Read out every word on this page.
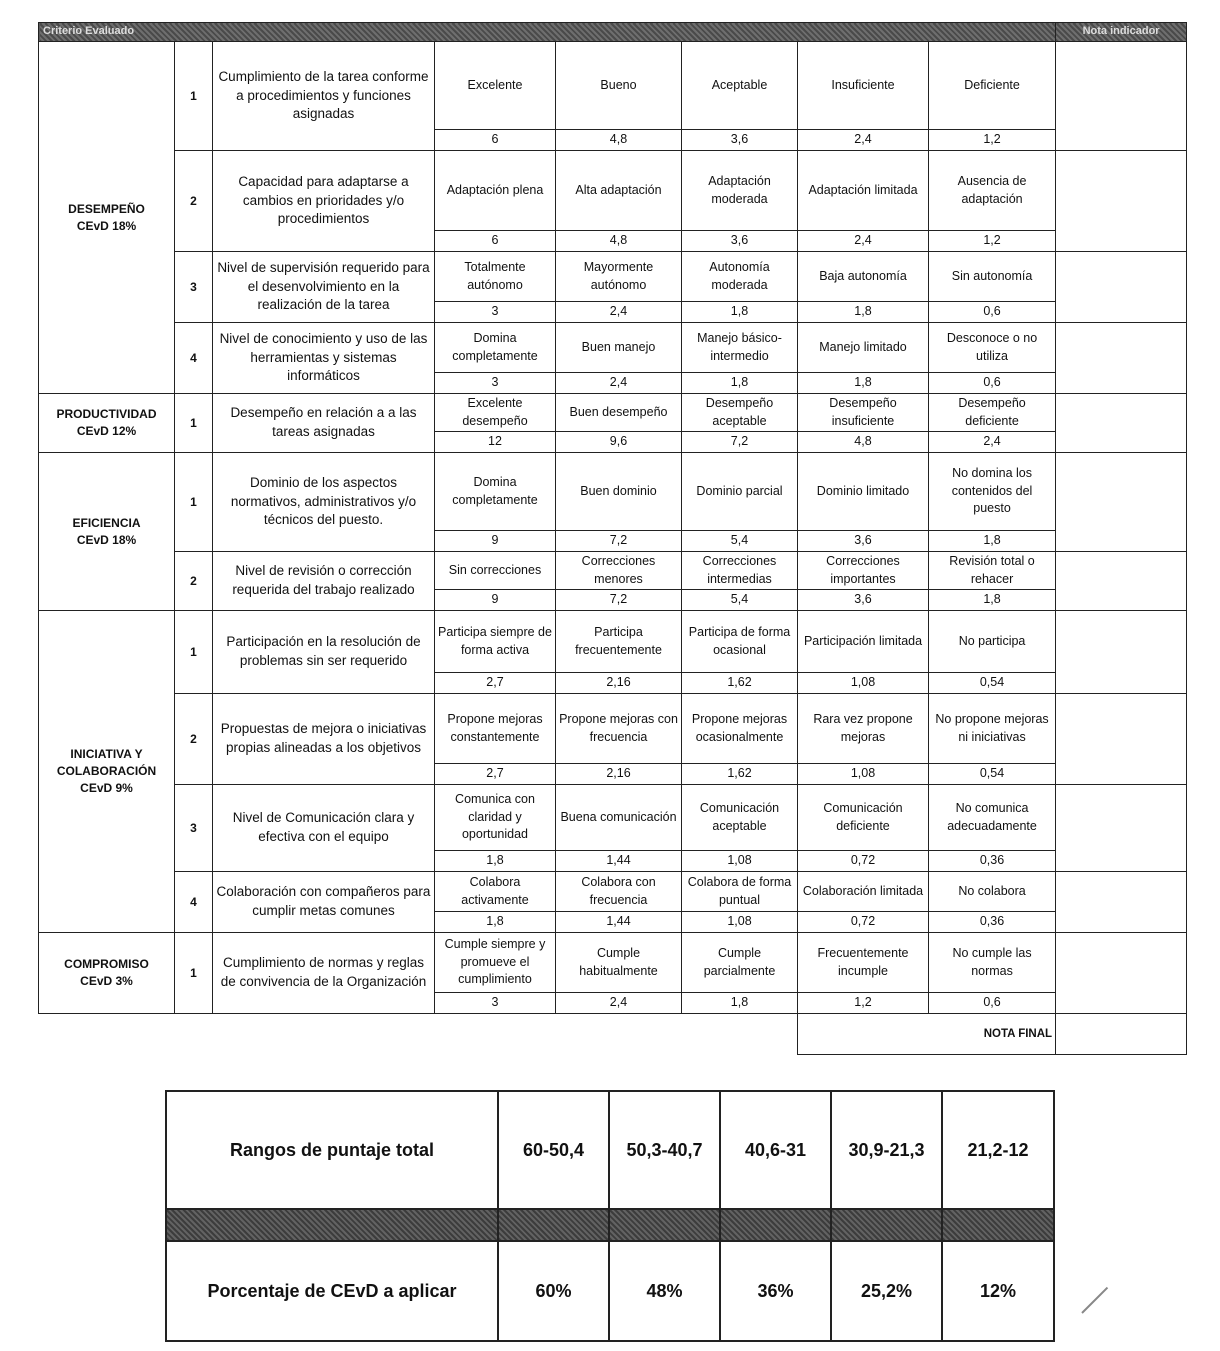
Criterio Evaluado								Nota indicador

DESEMPEÑO
CEvD 18%	1	Cumplimiento de la tarea conforme a procedimientos y funciones asignadas	Excelente	Bueno	Aceptable	Insuficiente	Deficiente	
			6	4,8	3,6	2,4	1,2	
	2	Capacidad para adaptarse a cambios en prioridades y/o procedimientos	Adaptación plena	Alta adaptación	Adaptación moderada	Adaptación limitada	Ausencia de adaptación	
			6	4,8	3,6	2,4	1,2	
	3	Nivel de supervisión requerido para el desenvolvimiento en la realización de la tarea	Totalmente autónomo	Mayormente autónomo	Autonomía moderada	Baja autonomía	Sin autonomía	
			3	2,4	1,8	1,8	0,6	
	4	Nivel de conocimiento y uso de las herramientas y sistemas informáticos	Domina completamente	Buen manejo	Manejo básico-intermedio	Manejo limitado	Desconoce o no utiliza	
			3	2,4	1,8	1,8	0,6	

PRODUCTIVIDAD
CEvD 12%	1	Desempeño en relación a a las tareas asignadas	Excelente desempeño	Buen desempeño	Desempeño aceptable	Desempeño insuficiente	Desempeño deficiente	
			12	9,6	7,2	4,8	2,4	

EFICIENCIA
CEvD 18%	1	Dominio de los aspectos normativos, administrativos y/o técnicos del puesto.	Domina completamente	Buen dominio	Dominio parcial	Dominio limitado	No domina los contenidos del puesto	
			9	7,2	5,4	3,6	1,8	
	2	Nivel de revisión o corrección requerida del trabajo realizado	Sin correcciones	Correcciones menores	Correcciones intermedias	Correcciones importantes	Revisión total o rehacer	
			9	7,2	5,4	3,6	1,8	

INICIATIVA Y COLABORACIÓN
CEvD 9%	1	Participación en la resolución de problemas sin ser requerido	Participa siempre de forma activa	Participa frecuentemente	Participa de forma ocasional	Participación limitada	No participa	
			2,7	2,16	1,62	1,08	0,54	
	2	Propuestas de mejora o iniciativas propias alineadas a los objetivos	Propone mejoras constantemente	Propone mejoras con frecuencia	Propone mejoras ocasionalmente	Rara vez propone mejoras	No propone mejoras ni iniciativas	
			2,7	2,16	1,62	1,08	0,54	
	3	Nivel de Comunicación clara y efectiva con el equipo	Comunica con claridad y oportunidad	Buena comunicación	Comunicación aceptable	Comunicación deficiente	No comunica adecuadamente	
			1,8	1,44	1,08	0,72	0,36	
	4	Colaboración con compañeros para cumplir metas comunes	Colabora activamente	Colabora con frecuencia	Colabora de forma puntual	Colaboración limitada	No colabora	
			1,8	1,44	1,08	0,72	0,36	

COMPROMISO
CEvD 3%	1	Cumplimiento de normas y reglas de convivencia de la Organización	Cumple siempre y promueve el cumplimiento	Cumple habitualmente	Cumple parcialmente	Frecuentemente incumple	No cumple las normas	
			3	2,4	1,8	1,2	0,6	
						NOTA FINAL		
Rangos de puntaje total	60-50,4	50,3-40,7	40,6-31	30,9-21,3	21,2-12

Porcentaje de CEvD a aplicar	60%	48%	36%	25,2%	12%
